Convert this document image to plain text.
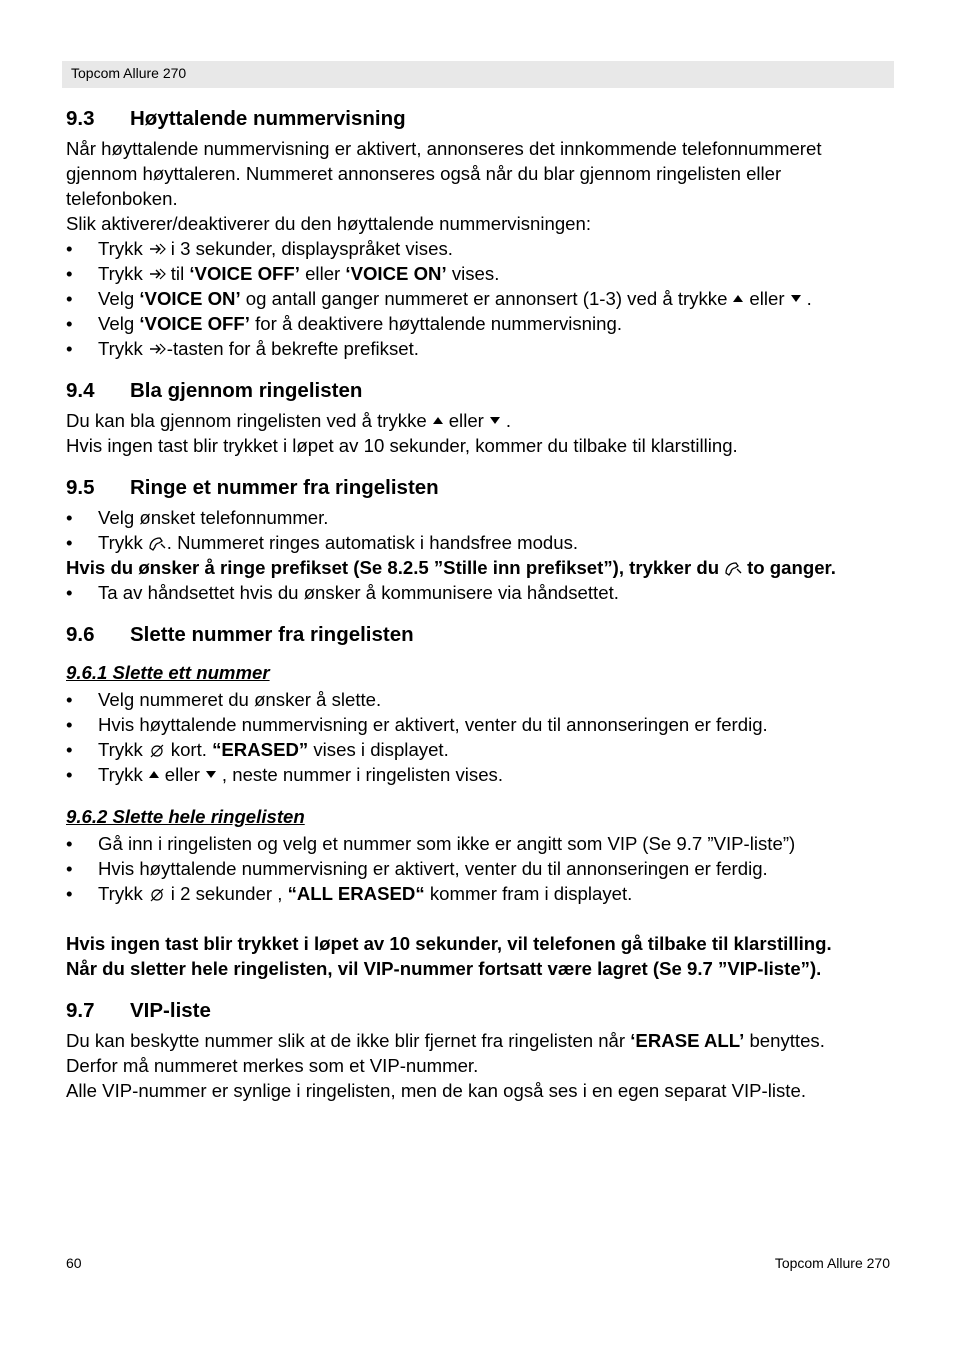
Topcom Allure 270
9.3	Høyttalende nummervisning

Når høyttalende nummervisning er aktivert, annonseres det innkommende telefonnummeret gjennom høyttaleren. Nummeret annonseres også når du blar gjennom ringelisten eller telefonboken.

Slik aktiverer/deaktiverer du den høyttalende nummervisningen:

• Trykk i 3 sekunder, displayspråket vises.
• Trykk til ‘VOICE OFF’ eller ‘VOICE ON’ vises.
• Velg ‘VOICE ON’ og antall ganger nummeret er annonsert (1-3) ved å trykke eller .
• Velg ‘VOICE OFF’ for å deaktivere høyttalende nummervisning.
• Trykk -tasten for å bekrefte prefikset.
9.4	Bla gjennom ringelisten

Du kan bla gjennom ringelisten ved å trykke eller .

Hvis ingen tast blir trykket i løpet av 10 sekunder, kommer du tilbake til klarstilling.

9.5	Ringe et nummer fra ringelisten
• Velg ønsket telefonnummer.
• Trykk . Nummeret ringes automatisk i handsfree modus.

Hvis du ønsker å ringe prefikset (Se 8.2.5 ”Stille inn prefikset”), trykker du to ganger.

• Ta av håndsettet hvis du ønsker å kommunisere via håndsettet.
9.6	Slette nummer fra ringelisten
9.6.1 Slette ett nummer
• Velg nummeret du ønsker å slette.
• Hvis høyttalende nummervisning er aktivert, venter du til annonseringen er ferdig.
• Trykk kort. “ERASED” vises i displayet.
• Trykk eller , neste nummer i ringelisten vises.
9.6.2 Slette hele ringelisten
• Gå inn i ringelisten og velg et nummer som ikke er angitt som VIP (Se 9.7 ”VIP-liste”)
• Hvis høyttalende nummervisning er aktivert, venter du til annonseringen er ferdig.
• Trykk i 2 sekunder , “ALL ERASED“ kommer fram i displayet.

Hvis ingen tast blir trykket i løpet av 10 sekunder, vil telefonen gå tilbake til klarstilling.

Når du sletter hele ringelisten, vil VIP-nummer fortsatt være lagret (Se 9.7 ”VIP-liste”).

9.7	VIP-liste

Du kan beskytte nummer slik at de ikke blir fjernet fra ringelisten når ‘ERASE ALL’ benyttes.

Derfor må nummeret merkes som et VIP-nummer.

Alle VIP-nummer er synlige i ringelisten, men de kan også ses i en egen separat VIP-liste.

60	Topcom Allure 270
